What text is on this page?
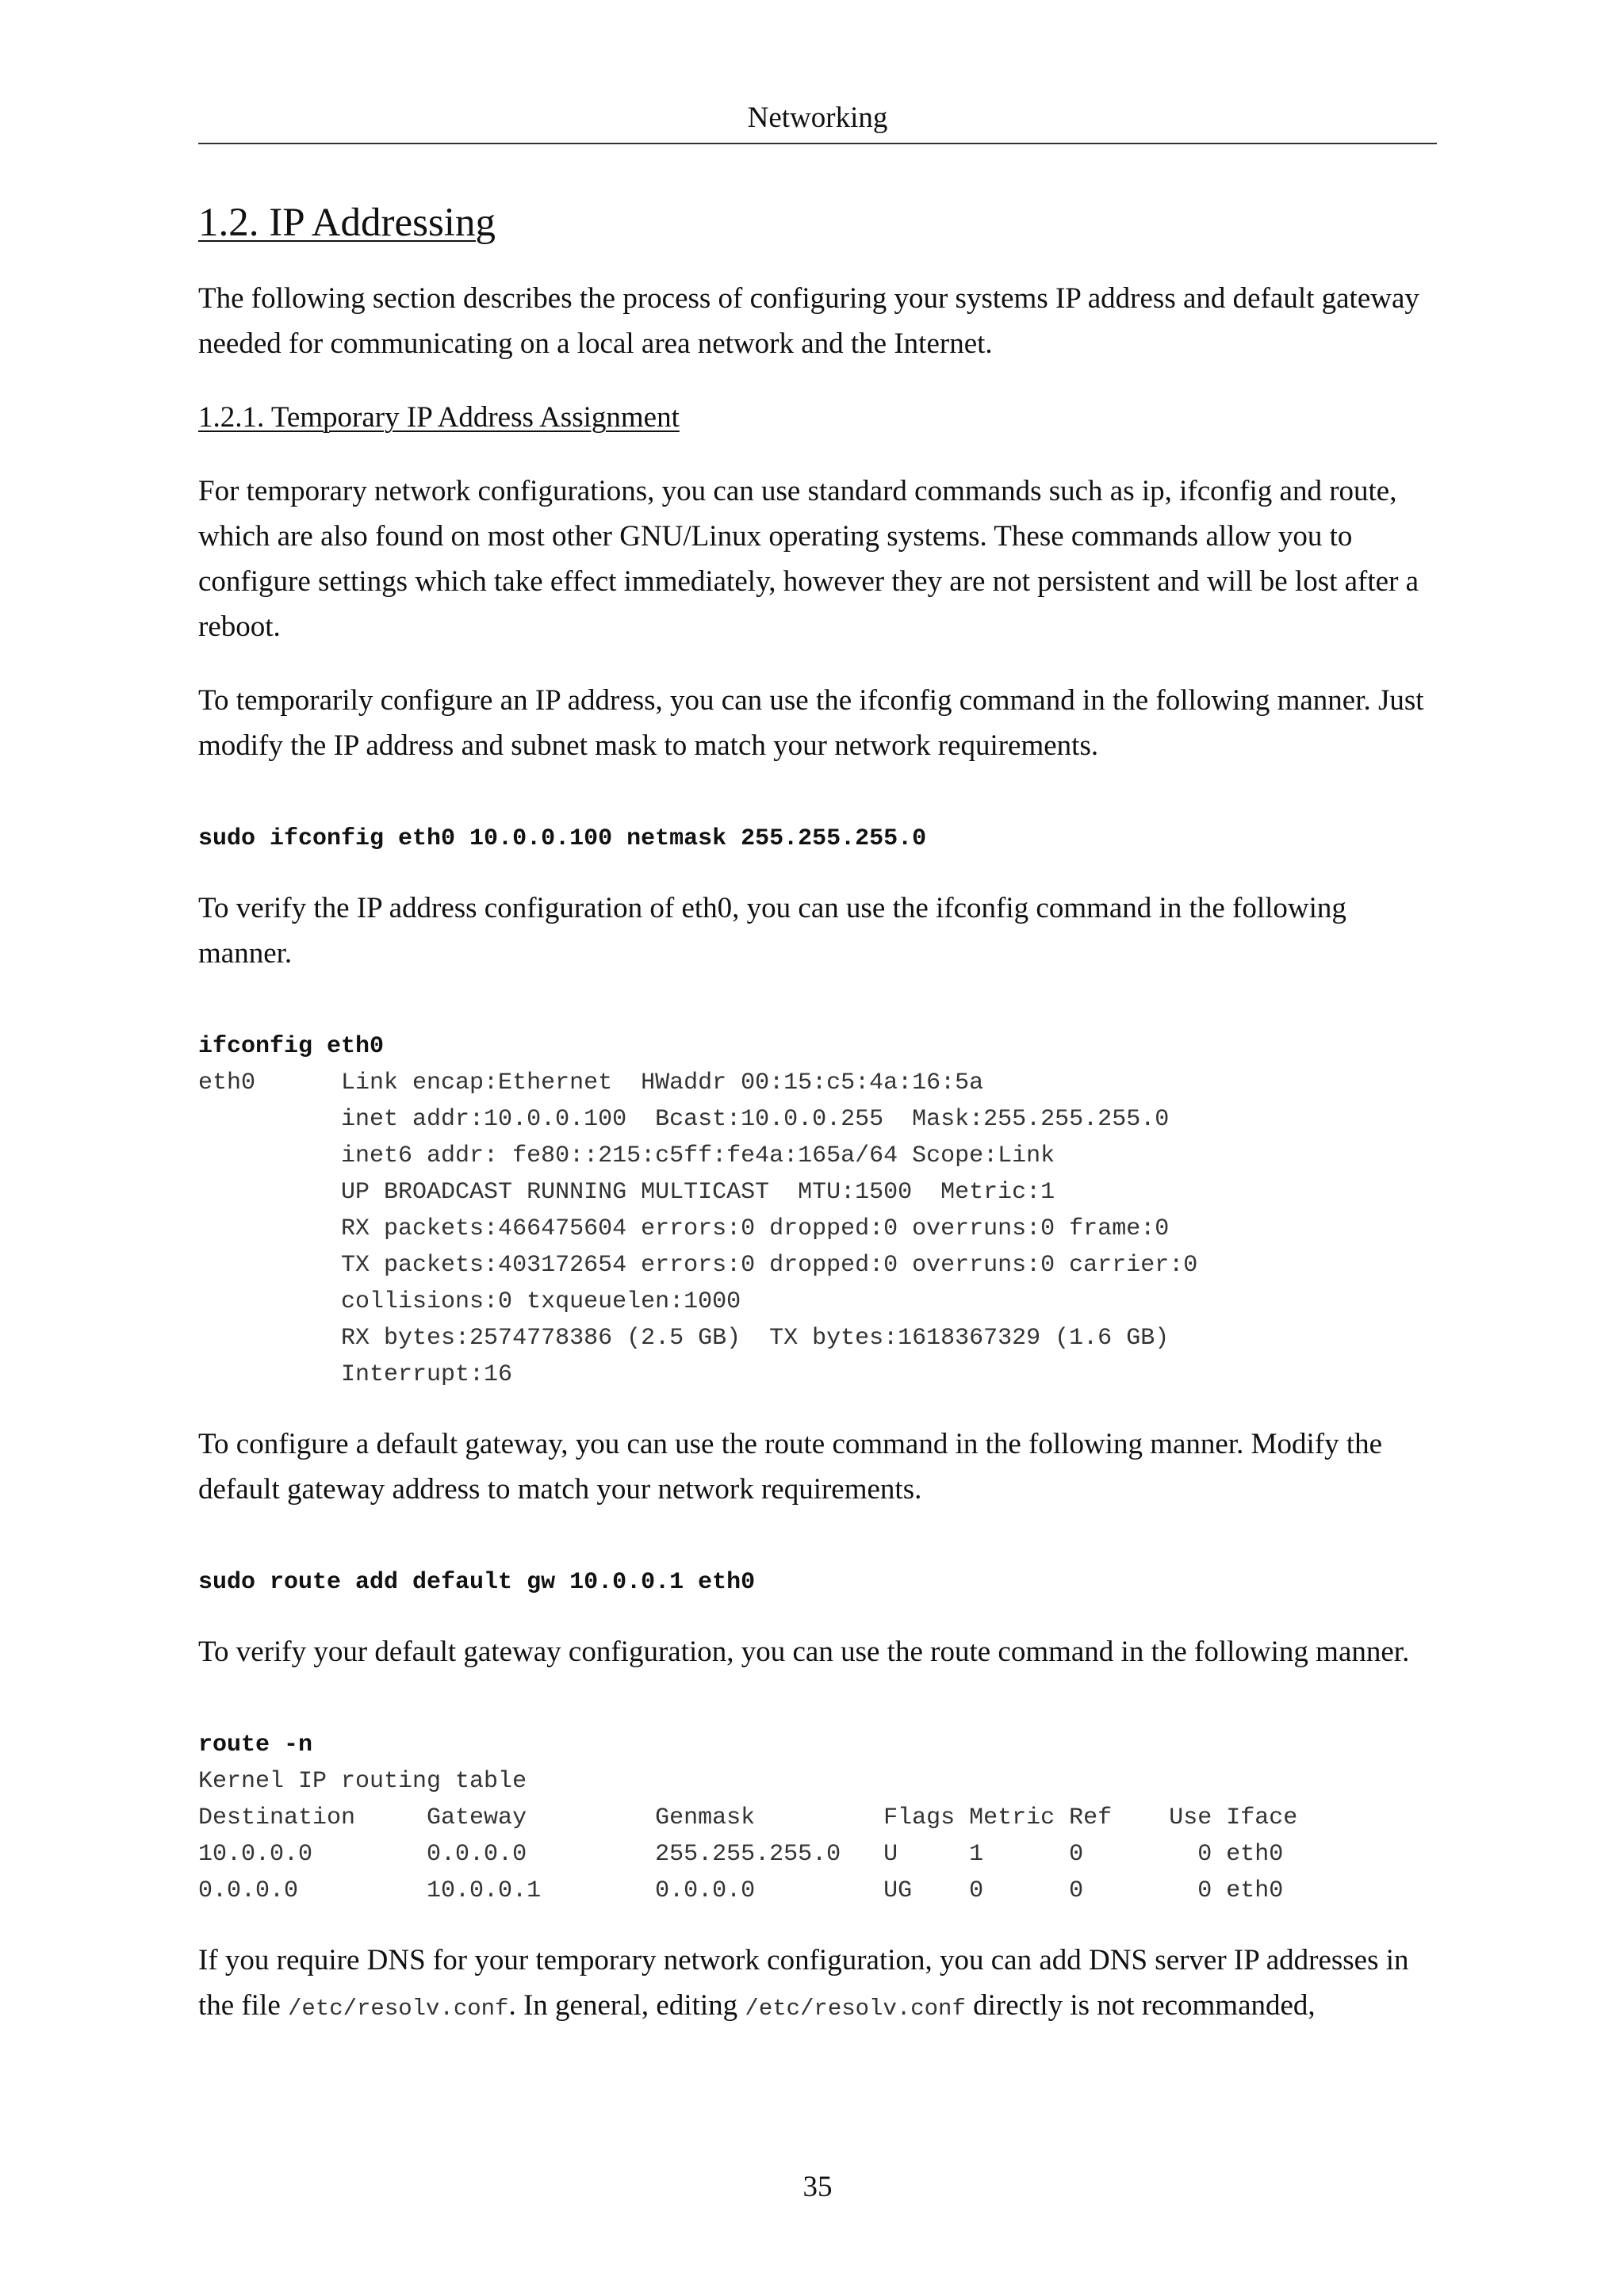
Networking
1.2. IP Addressing

The following section describes the process of configuring your systems IP address and default gateway needed for communicating on a local area network and the Internet.

1.2.1. Temporary IP Address Assignment

For temporary network configurations, you can use standard commands such as ip, ifconfig and route, which are also found on most other GNU/Linux operating systems. These commands allow you to configure settings which take effect immediately, however they are not persistent and will be lost after a reboot.

To temporarily configure an IP address, you can use the ifconfig command in the following manner. Just modify the IP address and subnet mask to match your network requirements.

sudo ifconfig eth0 10.0.0.100 netmask 255.255.255.0

To verify the IP address configuration of eth0, you can use the ifconfig command in the following manner.

ifconfig eth0
eth0      Link encap:Ethernet  HWaddr 00:15:c5:4a:16:5a
inet addr:10.0.0.100  Bcast:10.0.0.255  Mask:255.255.255.0
inet6 addr: fe80::215:c5ff:fe4a:165a/64 Scope:Link
UP BROADCAST RUNNING MULTICAST  MTU:1500  Metric:1
RX packets:466475604 errors:0 dropped:0 overruns:0 frame:0
TX packets:403172654 errors:0 dropped:0 overruns:0 carrier:0
collisions:0 txqueuelen:1000
RX bytes:2574778386 (2.5 GB)  TX bytes:1618367329 (1.6 GB)
Interrupt:16

To configure a default gateway, you can use the route command in the following manner. Modify the default gateway address to match your network requirements.

sudo route add default gw 10.0.0.1 eth0

To verify your default gateway configuration, you can use the route command in the following manner.

route -n
Kernel IP routing table
Destination     Gateway         Genmask         Flags Metric Ref    Use Iface
10.0.0.0        0.0.0.0         255.255.255.0   U     1      0        0 eth0
0.0.0.0         10.0.0.1        0.0.0.0         UG    0      0        0 eth0

If you require DNS for your temporary network configuration, you can add DNS server IP addresses in the file /etc/resolv.conf. In general, editing /etc/resolv.conf directly is not recommanded,

35
